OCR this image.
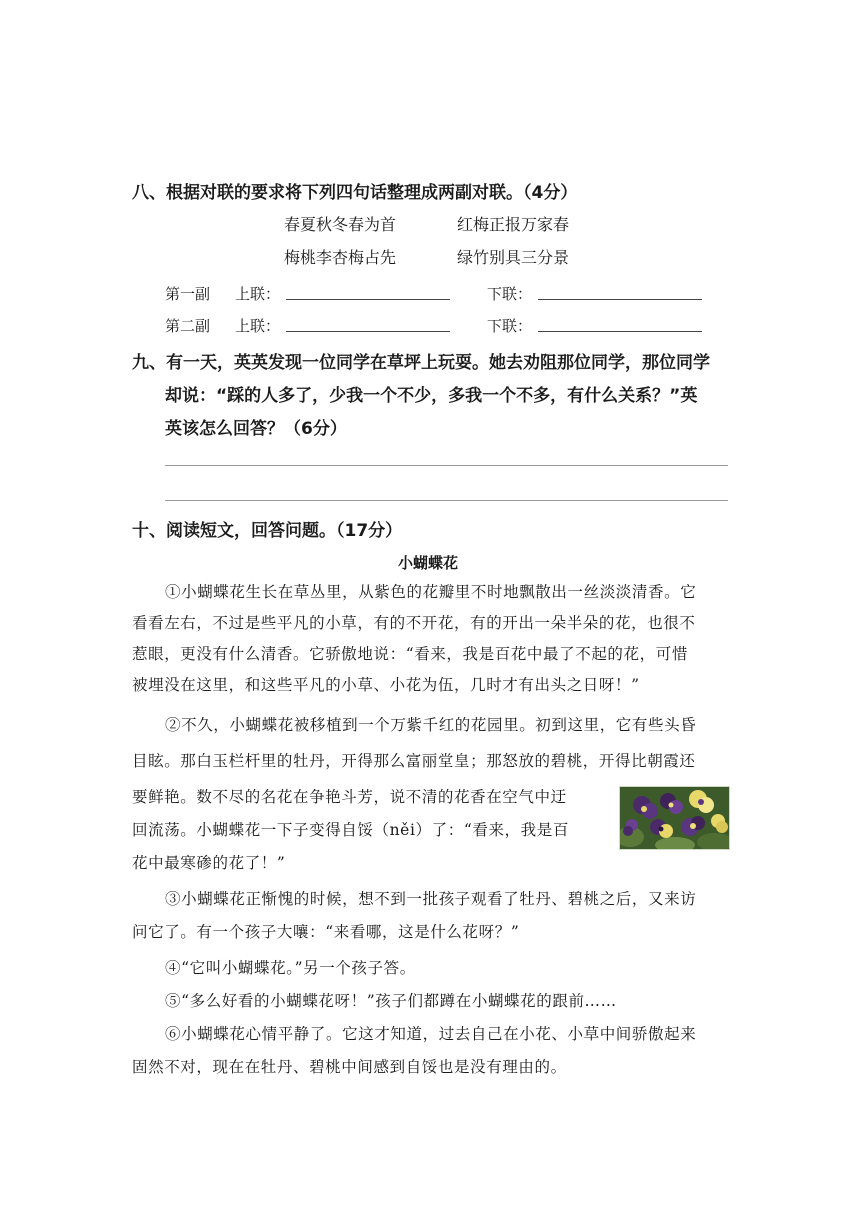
八、根据对联的要求将下列四句话整理成两副对联。（4分）
春夏秋冬春为首	红梅正报万家春
梅桃李杏梅占先	绿竹别具三分景
第一副 上联：	下联：
第二副 上联：	下联：
九、有一天，英英发现一位同学在草坪上玩耍。她去劝阻那位同学，那位同学
却说：“踩的人多了，少我一个不少，多我一个不多，有什么关系？”英
英该怎么回答？（6分）
十、阅读短文，回答问题。（17分）
小蝴蝶花
①小蝴蝶花生长在草丛里，从紫色的花瓣里不时地飘散出一丝淡淡清香。它
看看左右，不过是些平凡的小草，有的不开花，有的开出一朵半朵的花，也很不
惹眼，更没有什么清香。它骄傲地说：“看来，我是百花中最了不起的花，可惜
被埋没在这里，和这些平凡的小草、小花为伍，几时才有出头之日呀！”
②不久，小蝴蝶花被移植到一个万紫千红的花园里。初到这里，它有些头昏
目眩。那白玉栏杆里的牡丹，开得那么富丽堂皇；那怒放的碧桃，开得比朝霞还
要鲜艳。数不尽的名花在争艳斗芳，说不清的花香在空气中迂
回流荡。小蝴蝶花一下子变得自馁（něi）了：“看来，我是百
花中最寒碜的花了！”
③小蝴蝶花正惭愧的时候，想不到一批孩子观看了牡丹、碧桃之后，又来访
问它了。有一个孩子大嚷：“来看哪，这是什么花呀？”
④“它叫小蝴蝶花。”另一个孩子答。
⑤“多么好看的小蝴蝶花呀！”孩子们都蹲在小蝴蝶花的跟前……
⑥小蝴蝶花心情平静了。它这才知道，过去自己在小花、小草中间骄傲起来
固然不对，现在在牡丹、碧桃中间感到自馁也是没有理由的。
